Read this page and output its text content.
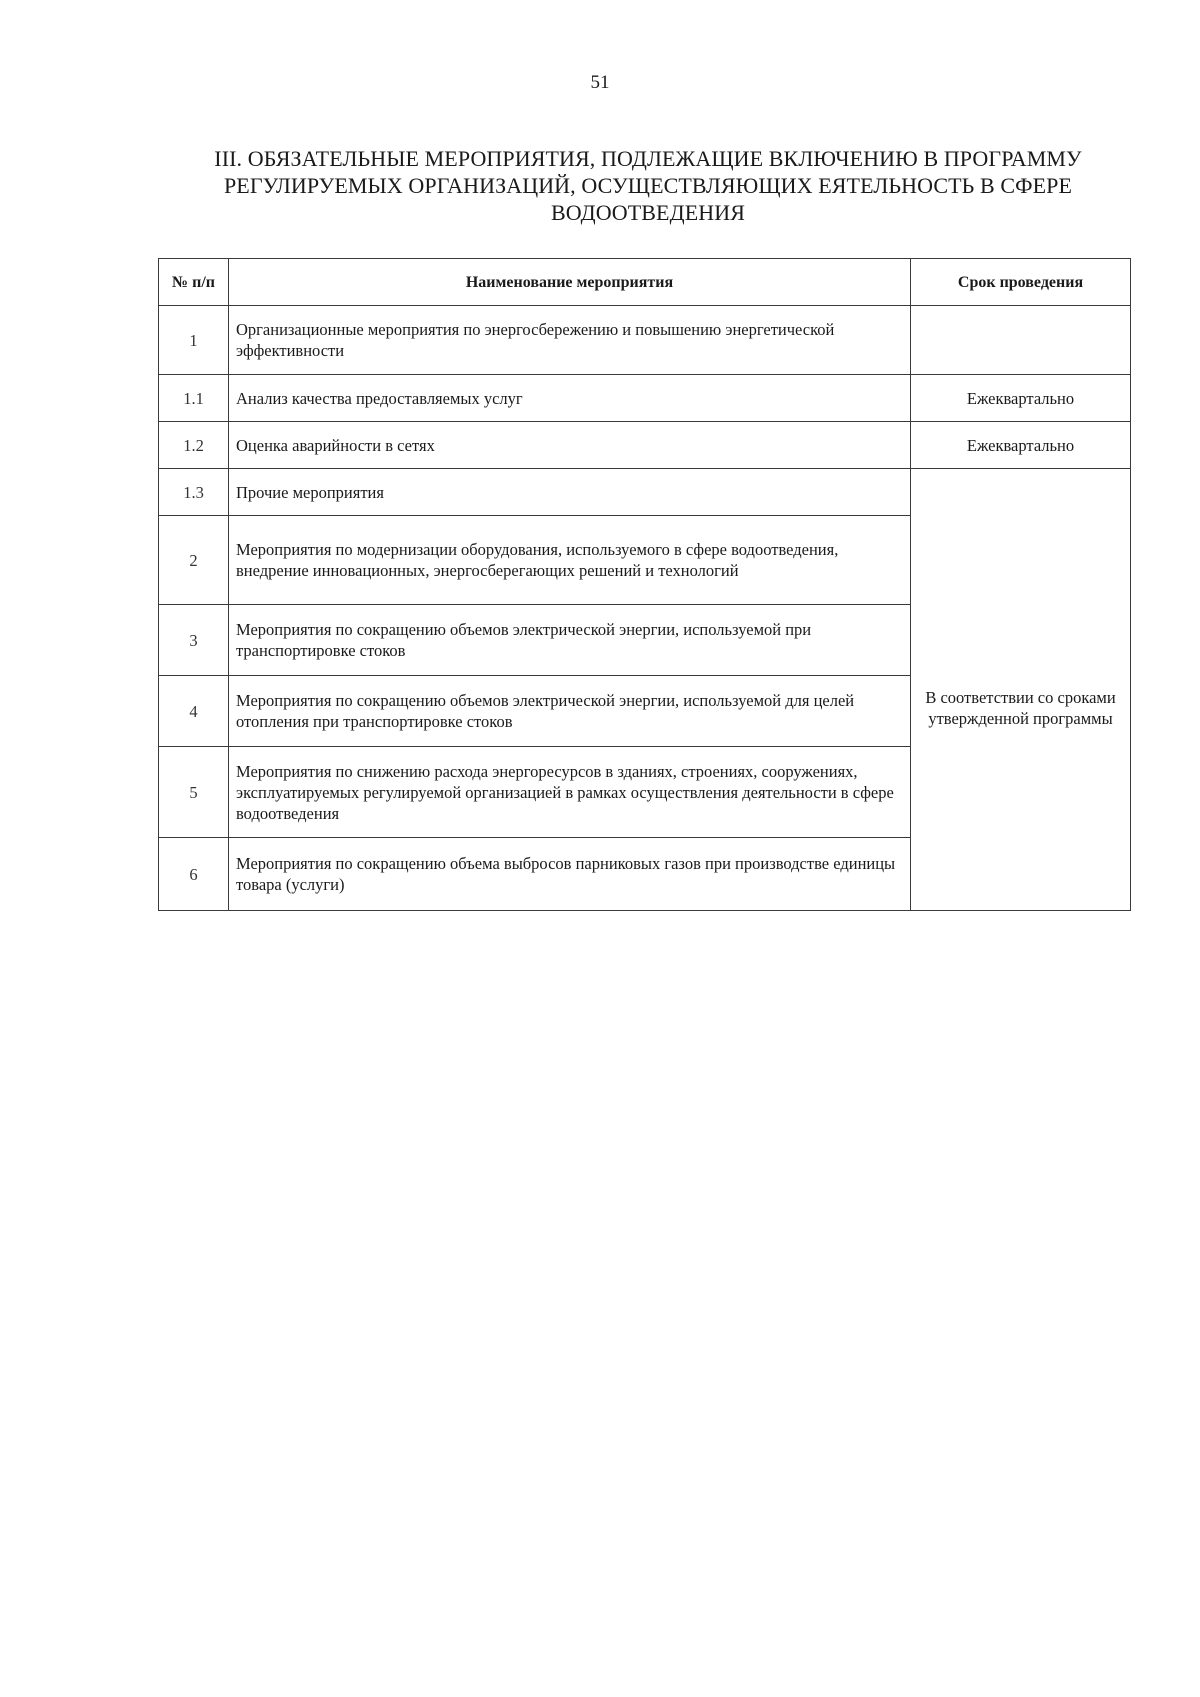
51
III. ОБЯЗАТЕЛЬНЫЕ МЕРОПРИЯТИЯ, ПОДЛЕЖАЩИЕ ВКЛЮЧЕНИЮ В ПРОГРАММУ
РЕГУЛИРУЕМЫХ ОРГАНИЗАЦИЙ, ОСУЩЕСТВЛЯЮЩИХ ЕЯТЕЛЬНОСТЬ В СФЕРЕ
ВОДООТВЕДЕНИЯ
№ п/п	Наименование мероприятия	Срок проведения
1	Организационные мероприятия по энергосбережению и повышению энергетической эффективности	
1.1	Анализ качества предоставляемых услуг	Ежеквартально
1.2	Оценка аварийности в сетях	Ежеквартально
1.3	Прочие мероприятия	В соответствии со сроками утвержденной программы
2	Мероприятия по модернизации оборудования, используемого в сфере водоотведения, внедрение инновационных, энергосберегающих решений и технологий	
3	Мероприятия по сокращению объемов электрической энергии, используемой при транспортировке стоков	
4	Мероприятия по сокращению объемов электрической энергии, используемой для целей отопления при транспортировке стоков	
5	Мероприятия по снижению расхода энергоресурсов в зданиях, строениях, сооружениях, эксплуатируемых регулируемой организацией в рамках осуществления деятельности в сфере водоотведения	
6	Мероприятия по сокращению объема выбросов парниковых газов при производстве единицы товара (услуги)	
